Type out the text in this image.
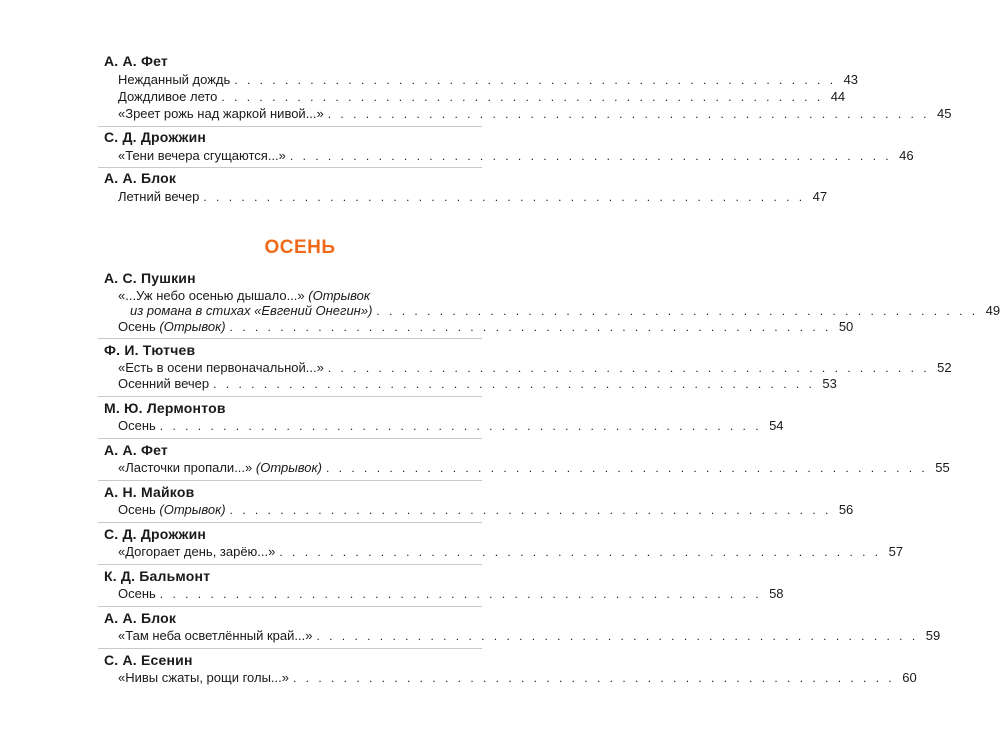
А. А. Фет
Нежданный дождь . . . . . . . . . . . . . . . . . . . . . . . . . . . . . . . . . . . . . . . . . . . . . . . . 43
Дождливое лето . . . . . . . . . . . . . . . . . . . . . . . . . . . . . . . . . . . . . . . . . . . . . . . . 44
«Зреет рожь над жаркой нивой...» . . . . . . . . . . . . . . . . . . . . . . . . . . . . . . . . . . . . . . . . . . . . . . . . 45
С. Д. Дрожжин
«Тени вечера сгущаются...» . . . . . . . . . . . . . . . . . . . . . . . . . . . . . . . . . . . . . . . . . . . . . . . . 46
А. А. Блок
Летний вечер . . . . . . . . . . . . . . . . . . . . . . . . . . . . . . . . . . . . . . . . . . . . . . . . 47
ОСЕНЬ
А. С. Пушкин
«...Уж небо осенью дышало...» (Отрывок
из романа в стихах «Евгений Онегин») . . . . . . . . . . . . . . . . . . . . . . . . . . . . . . . . . . . . . . . . . . . . . . . . 49
Осень (Отрывок) . . . . . . . . . . . . . . . . . . . . . . . . . . . . . . . . . . . . . . . . . . . . . . . . 50
Ф. И. Тютчев
«Есть в осени первоначальной...» . . . . . . . . . . . . . . . . . . . . . . . . . . . . . . . . . . . . . . . . . . . . . . . . 52
Осенний вечер . . . . . . . . . . . . . . . . . . . . . . . . . . . . . . . . . . . . . . . . . . . . . . . . 53
М. Ю. Лермонтов
Осень . . . . . . . . . . . . . . . . . . . . . . . . . . . . . . . . . . . . . . . . . . . . . . . . 54
А. А. Фет
«Ласточки пропали...» (Отрывок) . . . . . . . . . . . . . . . . . . . . . . . . . . . . . . . . . . . . . . . . . . . . . . . . 55
А. Н. Майков
Осень (Отрывок) . . . . . . . . . . . . . . . . . . . . . . . . . . . . . . . . . . . . . . . . . . . . . . . . 56
С. Д. Дрожжин
«Догорает день, зарёю...» . . . . . . . . . . . . . . . . . . . . . . . . . . . . . . . . . . . . . . . . . . . . . . . . 57
К. Д. Бальмонт
Осень . . . . . . . . . . . . . . . . . . . . . . . . . . . . . . . . . . . . . . . . . . . . . . . . 58
А. А. Блок
«Там неба осветлённый край...» . . . . . . . . . . . . . . . . . . . . . . . . . . . . . . . . . . . . . . . . . . . . . . . . 59
С. А. Есенин
«Нивы сжаты, рощи голы...» . . . . . . . . . . . . . . . . . . . . . . . . . . . . . . . . . . . . . . . . . . . . . . . . 60
